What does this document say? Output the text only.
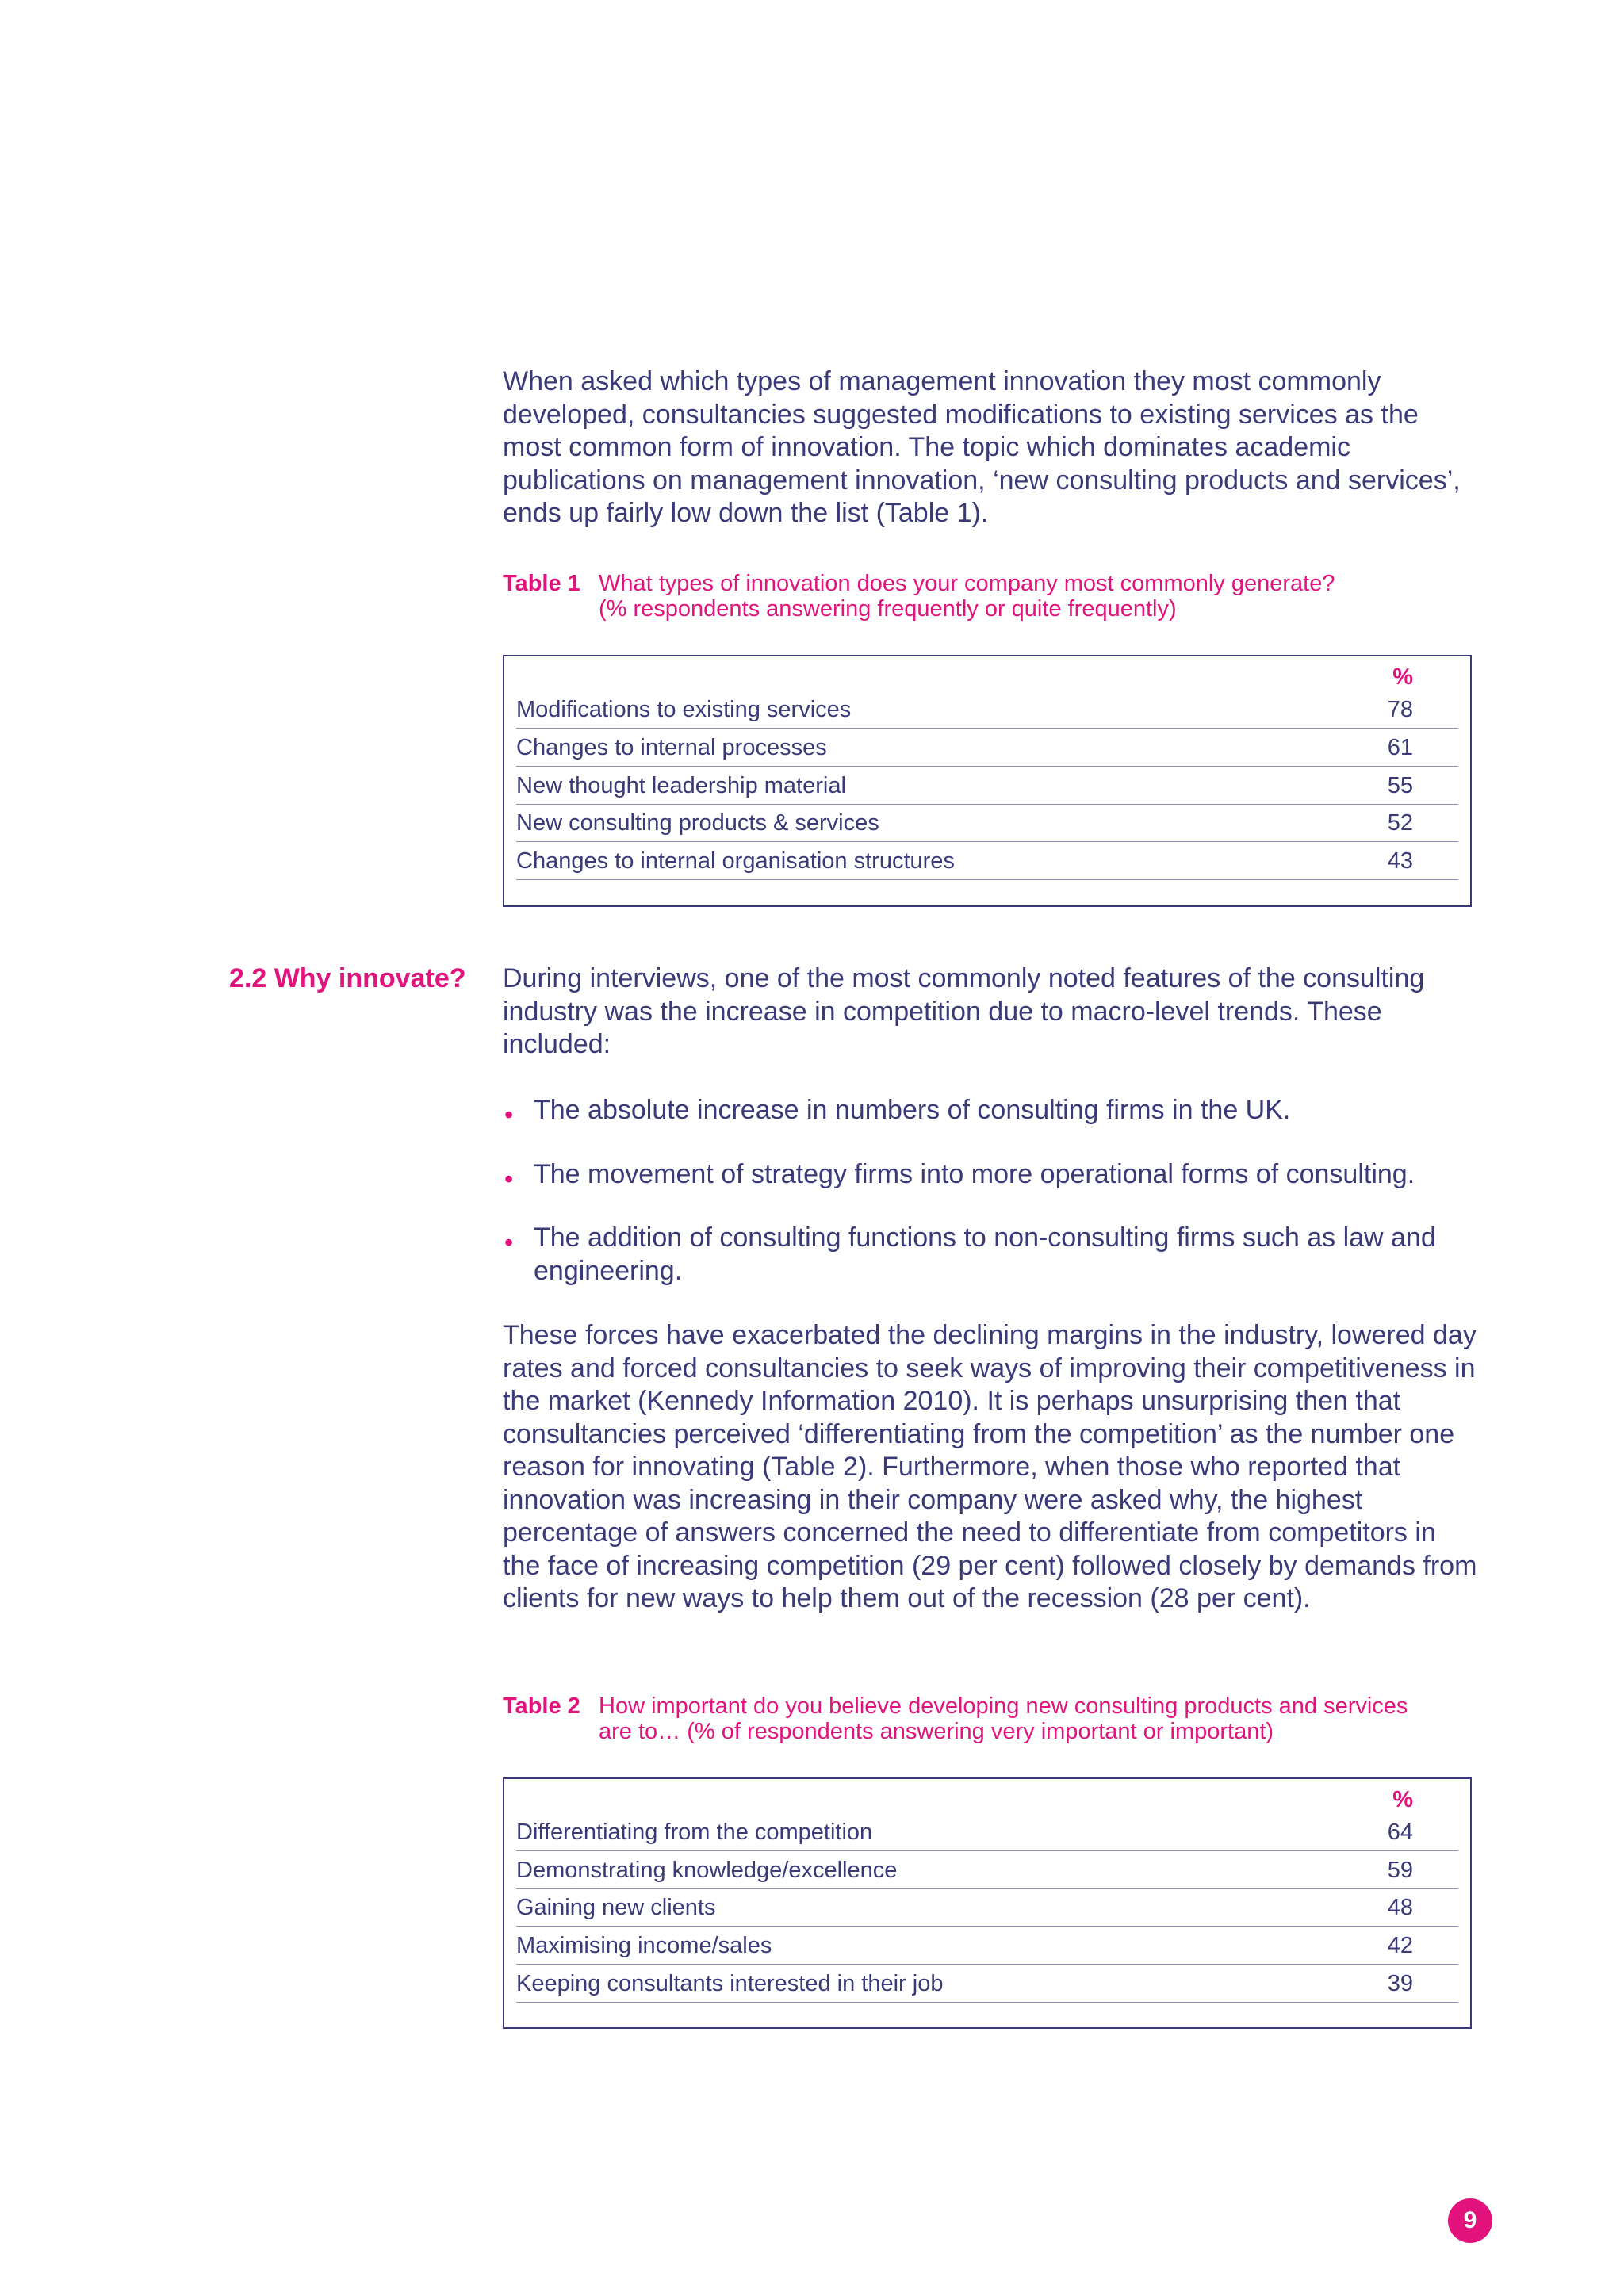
When asked which types of management innovation they most commonly developed, consultancies suggested modifications to existing services as the most common form of innovation. The topic which dominates academic publications on management innovation, ‘new consulting products and services’, ends up fairly low down the list (Table 1).

Table 1 What types of innovation does your company most commonly generate?
(% respondents answering frequently or quite frequently)
%
Modifications to existing services	78
Changes to internal processes	61
New thought leadership material	55
New consulting products & services	52
Changes to internal organisation structures	43
2.2 Why innovate? During interviews, one of the most commonly noted features of the consulting industry was the increase in competition due to macro-level trends. These included:

• The absolute increase in numbers of consulting firms in the UK.
• The movement of strategy firms into more operational forms of consulting.
• The addition of consulting functions to non-consulting firms such as law and engineering.

These forces have exacerbated the declining margins in the industry, lowered day rates and forced consultancies to seek ways of improving their competitiveness in the market (Kennedy Information 2010). It is perhaps unsurprising then that consultancies perceived ‘differentiating from the competition’ as the number one reason for innovating (Table 2). Furthermore, when those who reported that innovation was increasing in their company were asked why, the highest percentage of answers concerned the need to differentiate from competitors in the face of increasing competition (29 per cent) followed closely by demands from clients for new ways to help them out of the recession (28 per cent).

Table 2 How important do you believe developing new consulting products and services
are to… (% of respondents answering very important or important)
%
Differentiating from the competition	64
Demonstrating knowledge/excellence	59
Gaining new clients	48
Maximising income/sales	42
Keeping consultants interested in their job	39
9
